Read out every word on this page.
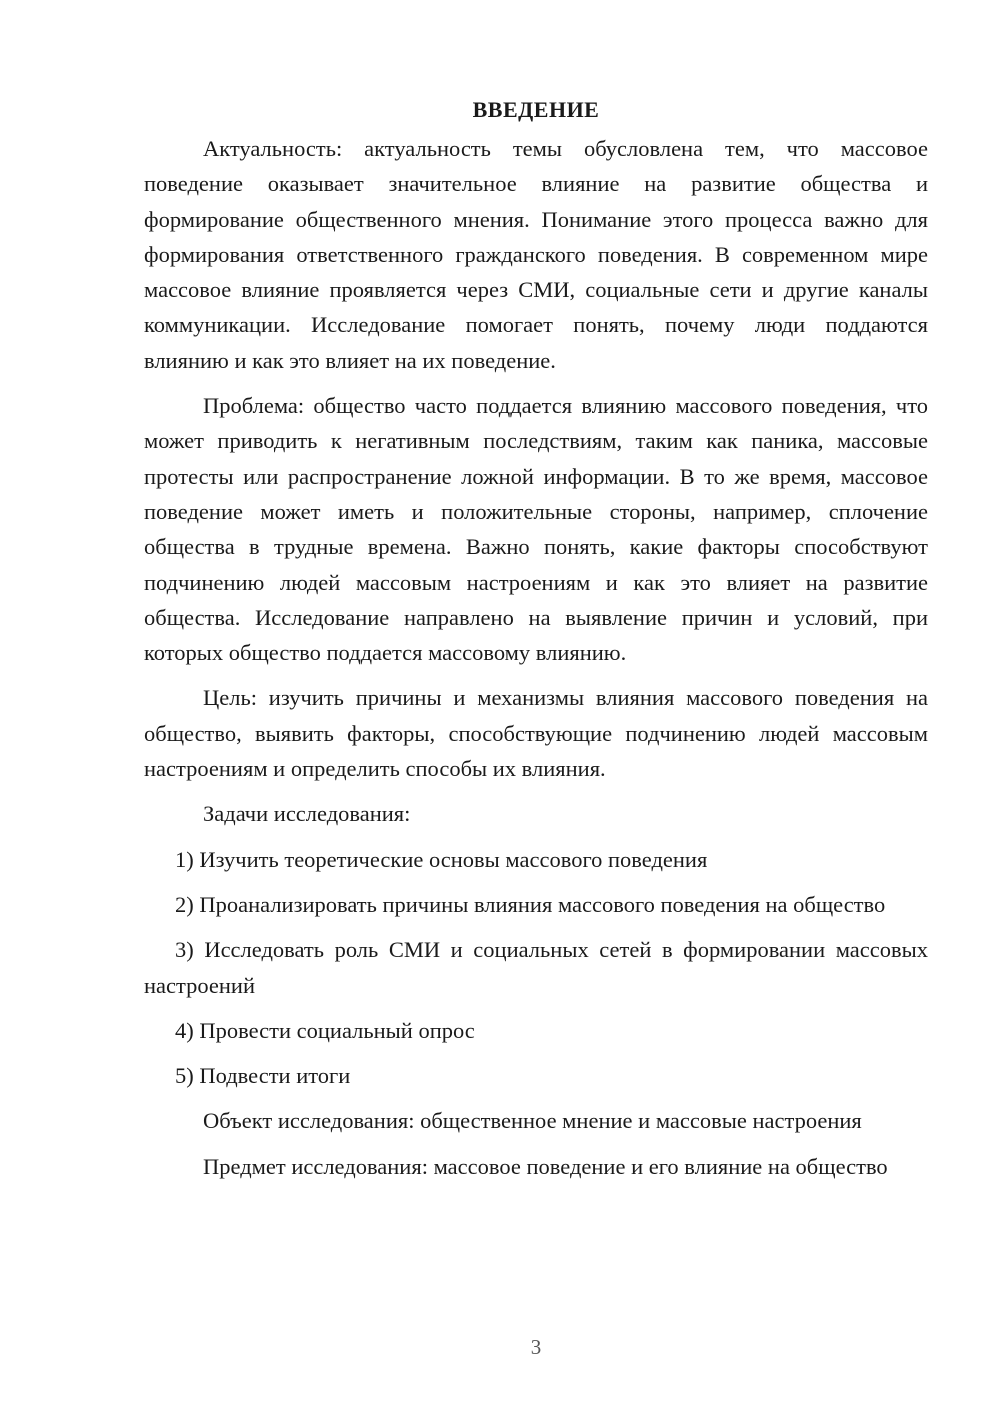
ВВЕДЕНИЕ

Актуальность: актуальность темы обусловлена тем, что массовое поведение оказывает значительное влияние на развитие общества и формирование общественного мнения. Понимание этого процесса важно для формирования ответственного гражданского поведения. В современном мире массовое влияние проявляется через СМИ, социальные сети и другие каналы коммуникации. Исследование помогает понять, почему люди поддаются влиянию и как это влияет на их поведение.

Проблема: общество часто поддается влиянию массового поведения, что может приводить к негативным последствиям, таким как паника, массовые протесты или распространение ложной информации. В то же время, массовое поведение может иметь и положительные стороны, например, сплочение общества в трудные времена. Важно понять, какие факторы способствуют подчинению людей массовым настроениям и как это влияет на развитие общества. Исследование направлено на выявление причин и условий, при которых общество поддается массовому влиянию.

Цель: изучить причины и механизмы влияния массового поведения на общество, выявить факторы, способствующие подчинению людей массовым настроениям и определить способы их влияния.

Задачи исследования:

1) Изучить теоретические основы массового поведения

2) Проанализировать причины влияния массового поведения на общество

3) Исследовать роль СМИ и социальных сетей в формировании массовых настроений

4) Провести социальный опрос

5) Подвести итоги

Объект исследования: общественное мнение и массовые настроения

Предмет исследования: массовое поведение и его влияние на общество

3
